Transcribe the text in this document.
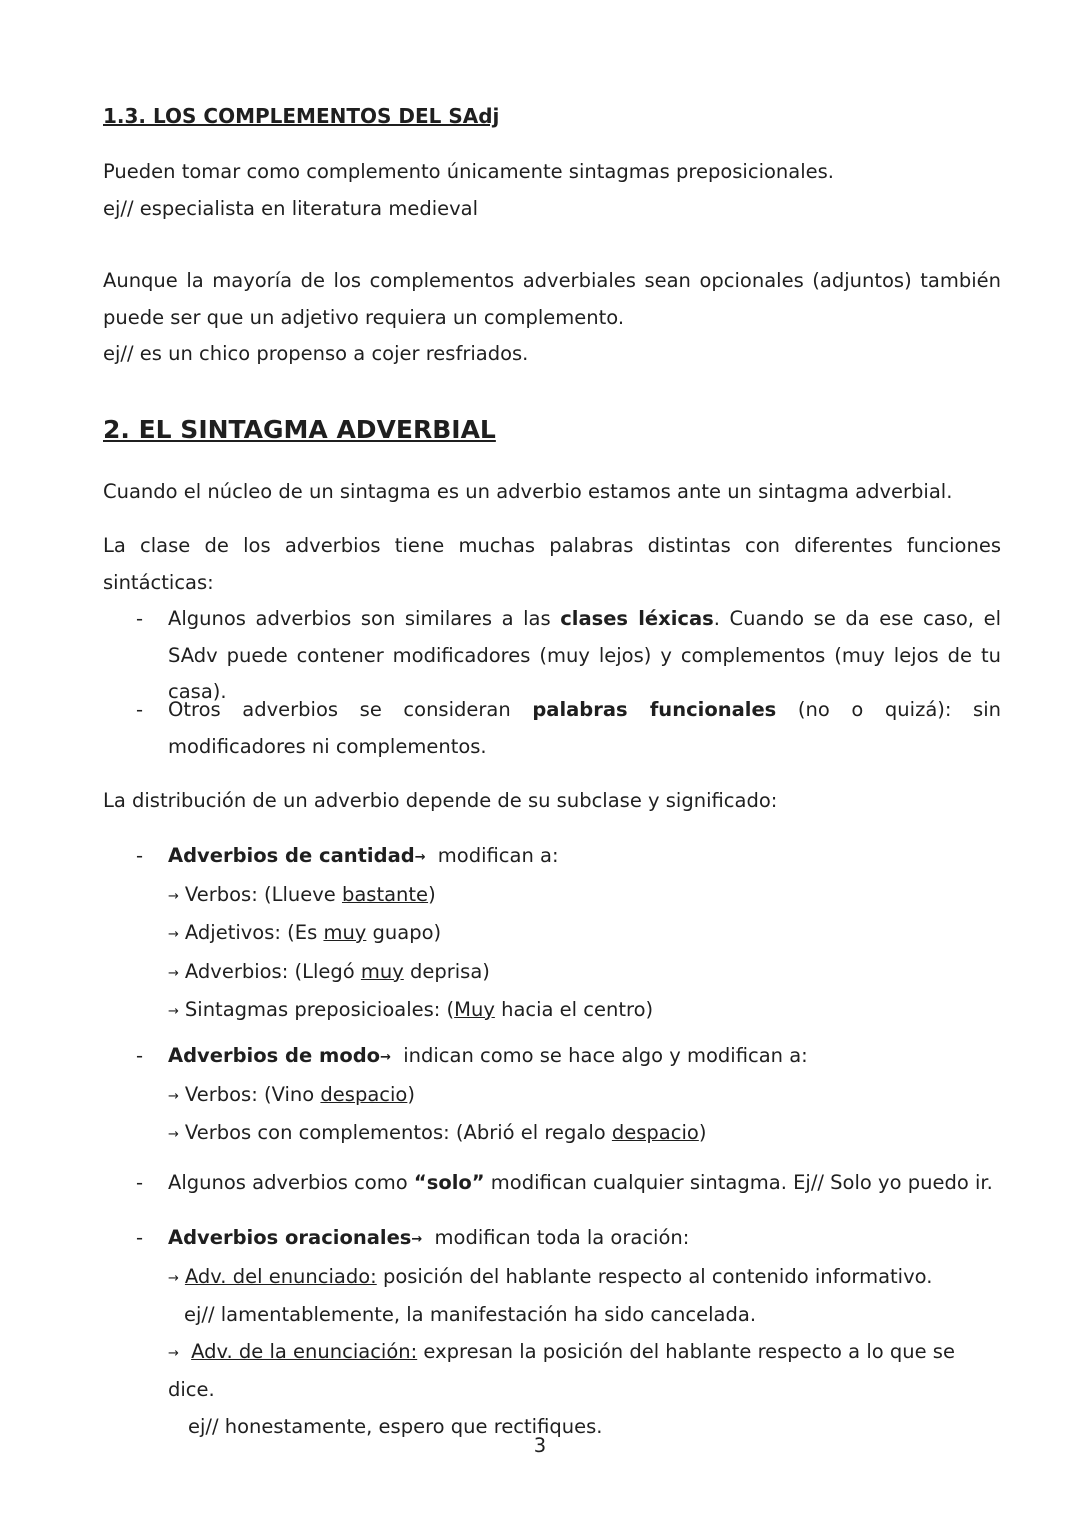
1.3. LOS COMPLEMENTOS DEL SAdj

Pueden tomar como complemento únicamente sintagmas preposicionales.

ej// especialista en literatura medieval

Aunque la mayoría de los complementos adverbiales sean opcionales (adjuntos) también puede ser que un adjetivo requiera un complemento.

ej// es un chico propenso a cojer resfriados.

2. EL SINTAGMA ADVERBIAL

Cuando el núcleo de un sintagma es un adverbio estamos ante un sintagma adverbial.

La clase de los adverbios tiene muchas palabras distintas con diferentes funciones sintácticas:

- Algunos adverbios son similares a las clases léxicas. Cuando se da ese caso, el SAdv puede contener modificadores (muy lejos) y complementos (muy lejos de tu casa).

- Otros adverbios se consideran palabras funcionales (no o quizá): sin modificadores ni complementos.

La distribución de un adverbio depende de su subclase y significado:

- Adverbios de cantidad→ modifican a:
→ Verbos: (Llueve bastante)
→ Adjetivos: (Es muy guapo)
→ Adverbios: (Llegó muy deprisa)
→ Sintagmas preposicioales: (Muy hacia el centro)
- Adverbios de modo→ indican como se hace algo y modifican a:
→ Verbos: (Vino despacio)
→ Verbos con complementos: (Abrió el regalo despacio)
- Algunos adverbios como “solo” modifican cualquier sintagma. Ej// Solo yo puedo ir.

- Adverbios oracionales→ modifican toda la oración:
→ Adv. del enunciado: posición del hablante respecto al contenido informativo.
ej// lamentablemente, la manifestación ha sido cancelada.
→ Adv. de la enunciación: expresan la posición del hablante respecto a lo que se dice.
ej// honestamente, espero que rectifiques.
3
